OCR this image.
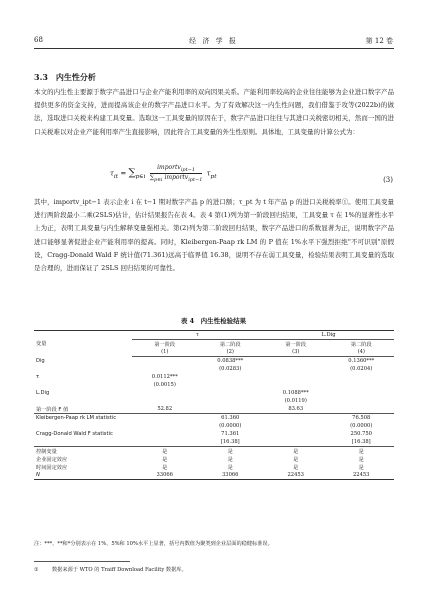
68	经 济 学 报	第 12 卷
3.3　内生性分析
本文的内生性主要源于数字产品进口与企业产能利用率的双向因果关系。产能利用率较高的企业往往能够为企业进口数字产品提供更多的资金支持，进而提高该企业的数字产品进口水平。为了有效解决这一内生性问题，我们借鉴于攻等(2022b)的做法，选取进口关税来构建工具变量。选取这一工具变量的原因在于，数字产品进口往往与其进口关税密切相关，然而一国的进口关税难以对企业产能利用率产生直接影响，因此符合工具变量的外生性原则。具体地，工具变量的计算公式为：
$\tau_{it} = \sum_{p\in i} \frac{importv_{ipt-1}}{\sum_{p\in i} importv_{ipt-1}} \tau_{pt}$	(3)
其中，importv_ipt−1 表示企业 i 在 t−1 期对数字产品 p 的进口额；τ_pt 为 t 年产品 p 的进口关税税率①。使用工具变量进行两阶段最小二乘(2SLS)估计，估计结果报告在表 4。表 4 第(1)列为第一阶段回归结果，工具变量 τ 在 1%的显著性水平上为正，表明工具变量与内生解释变量强相关。第(2)列为第二阶段回归结果，数字产品进口的系数显著为正，说明数字产品进口能够显著促进企业产能利用率的提高。同时，Kleibergen-Paap rk LM 的 P 值在 1%水平下强烈拒绝"不可识别"原假设，Cragg-Donald Wald F 统计值(71.361)远高于临界值 16.38，说明不存在弱工具变量，检验结果表明工具变量的选取是合理的，进而保证了 2SLS 回归结果的可靠性。
表 4　内生性检验结果
变量	τ		L.Dig	
	第一阶段	第二阶段	第一阶段	第二阶段
	(1)	(2)	(3)	(4)
Dig		0.0838***		0.1360***
		(0.0283)		(0.0204)
τ	0.0112***			
	(0.0015)			
L.Dig			0.1088***	
			(0.0119)	
第一阶段 F 值	52.82		83.63	
Kleibergen-Paap rk LM statistic		61.360		76.508
		(0.0000)		(0.0000)
Cragg-Donald Wald F statistic		71.361		250.750
		[16.38]		[16.38]
控制变量	是	是	是	是
企业固定效应	是	是	是	是
时间固定效应	是	是	是	是
N	33066	33066	22453	22453
注：***、**和*分别表示在 1%、5%和 10%水平上显著，括号内数值为聚类到企业层面的稳健标准误。
①	数据来源于 WTO 的 Traiff Download Facility 数据库。
